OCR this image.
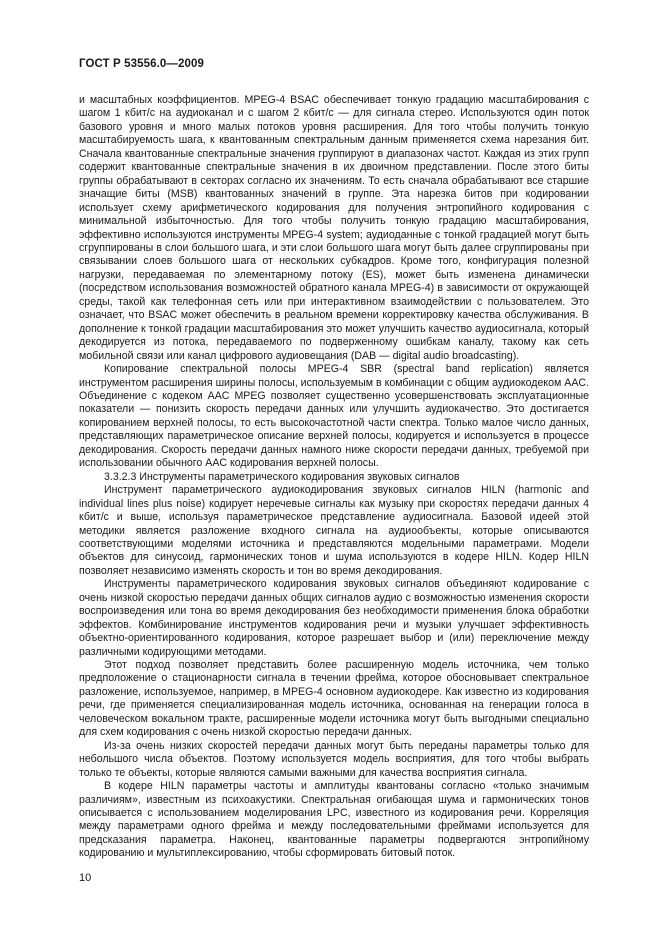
ГОСТ Р 53556.0—2009

и масштабных коэффициентов. MPEG-4 BSAC обеспечивает тонкую градацию масштабирования с шагом 1 кбит/с на аудиоканал и с шагом 2 кбит/с — для сигнала стерео. Используются один поток базового уровня и много малых потоков уровня расширения. Для того чтобы получить тонкую масштабируемость шага, к квантованным спектральным данным применяется схема нарезания бит. Сначала квантованные спектральные значения группируют в диапазонах частот. Каждая из этих групп содержит квантованные спектральные значения в их двоичном представлении. После этого биты группы обрабатывают в секторах согласно их значениям. То есть сначала обрабатывают все старшие значащие биты (MSB) квантованных значений в группе. Эта нарезка битов при кодировании использует схему арифметического кодирования для получения энтропийного кодирования с минимальной избыточностью. Для того чтобы получить тонкую градацию масштабирования, эффективно используются инструменты MPEG-4 system; аудиоданные с тонкой градацией могут быть сгруппированы в слои большого шага, и эти слои большого шага могут быть далее сгруппированы при связывании слоев большого шага от нескольких субкадров. Кроме того, конфигурация полезной нагрузки, передаваемая по элементарному потоку (ES), может быть изменена динамически (посредством использования возможностей обратного канала MPEG-4) в зависимости от окружающей среды, такой как телефонная сеть или при интерактивном взаимодействии с пользователем. Это означает, что BSAC может обеспечить в реальном времени корректировку качества обслуживания. В дополнение к тонкой градации масштабирования это может улучшить качество аудиосигнала, который декодируется из потока, передаваемого по подверженному ошибкам каналу, такому как сеть мобильной связи или канал цифрового аудиовещания (DAB — digital audio broadcasting).

Копирование спектральной полосы MPEG-4 SBR (spectral band replication) является инструментом расширения ширины полосы, используемым в комбинации с общим аудиокодеком AAC. Объединение с кодеком AAC MPEG позволяет существенно усовершенствовать эксплуатационные показатели — понизить скорость передачи данных или улучшить аудиокачество. Это достигается копированием верхней полосы, то есть высокочастотной части спектра. Только малое число данных, представляющих параметрическое описание верхней полосы, кодируется и используется в процессе декодирования. Скорость передачи данных намного ниже скорости передачи данных, требуемой при использовании обычного AAC кодирования верхней полосы.

3.3.2.3 Инструменты параметрического кодирования звуковых сигналов

Инструмент параметрического аудиокодирования звуковых сигналов HILN (harmonic and individual lines plus noise) кодирует неречевые сигналы как музыку при скоростях передачи данных 4 кбит/с и выше, используя параметрическое представление аудиосигнала. Базовой идеей этой методики является разложение входного сигнала на аудиообъекты, которые описываются соответствующими моделями источника и представляются модельными параметрами. Модели объектов для синусоид, гармонических тонов и шума используются в кодере HILN. Кодер HILN позволяет независимо изменять скорость и тон во время декодирования.

Инструменты параметрического кодирования звуковых сигналов объединяют кодирование с очень низкой скоростью передачи данных общих сигналов аудио с возможностью изменения скорости воспроизведения или тона во время декодирования без необходимости применения блока обработки эффектов. Комбинирование инструментов кодирования речи и музыки улучшает эффективность объектно-ориентированного кодирования, которое разрешает выбор и (или) переключение между различными кодирующими методами.

Этот подход позволяет представить более расширенную модель источника, чем только предположение о стационарности сигнала в течении фрейма, которое обосновывает спектральное разложение, используемое, например, в MPEG-4 основном аудиокодере. Как известно из кодирования речи, где применяется специализированная модель источника, основанная на генерации голоса в человеческом вокальном тракте, расширенные модели источника могут быть выгодными специально для схем кодирования с очень низкой скоростью передачи данных.

Из-за очень низких скоростей передачи данных могут быть переданы параметры только для небольшого числа объектов. Поэтому используется модель восприятия, для того чтобы выбрать только те объекты, которые являются самыми важными для качества восприятия сигнала.

В кодере HILN параметры частоты и амплитуды квантованы согласно «только значимым различиям», известным из психоакустики. Спектральная огибающая шума и гармонических тонов описывается с использованием моделирования LPC, известного из кодирования речи. Корреляция между параметрами одного фрейма и между последовательными фреймами используется для предсказания параметра. Наконец, квантованные параметры подвергаются энтропийному кодированию и мультиплексированию, чтобы сформировать битовый поток.

10
